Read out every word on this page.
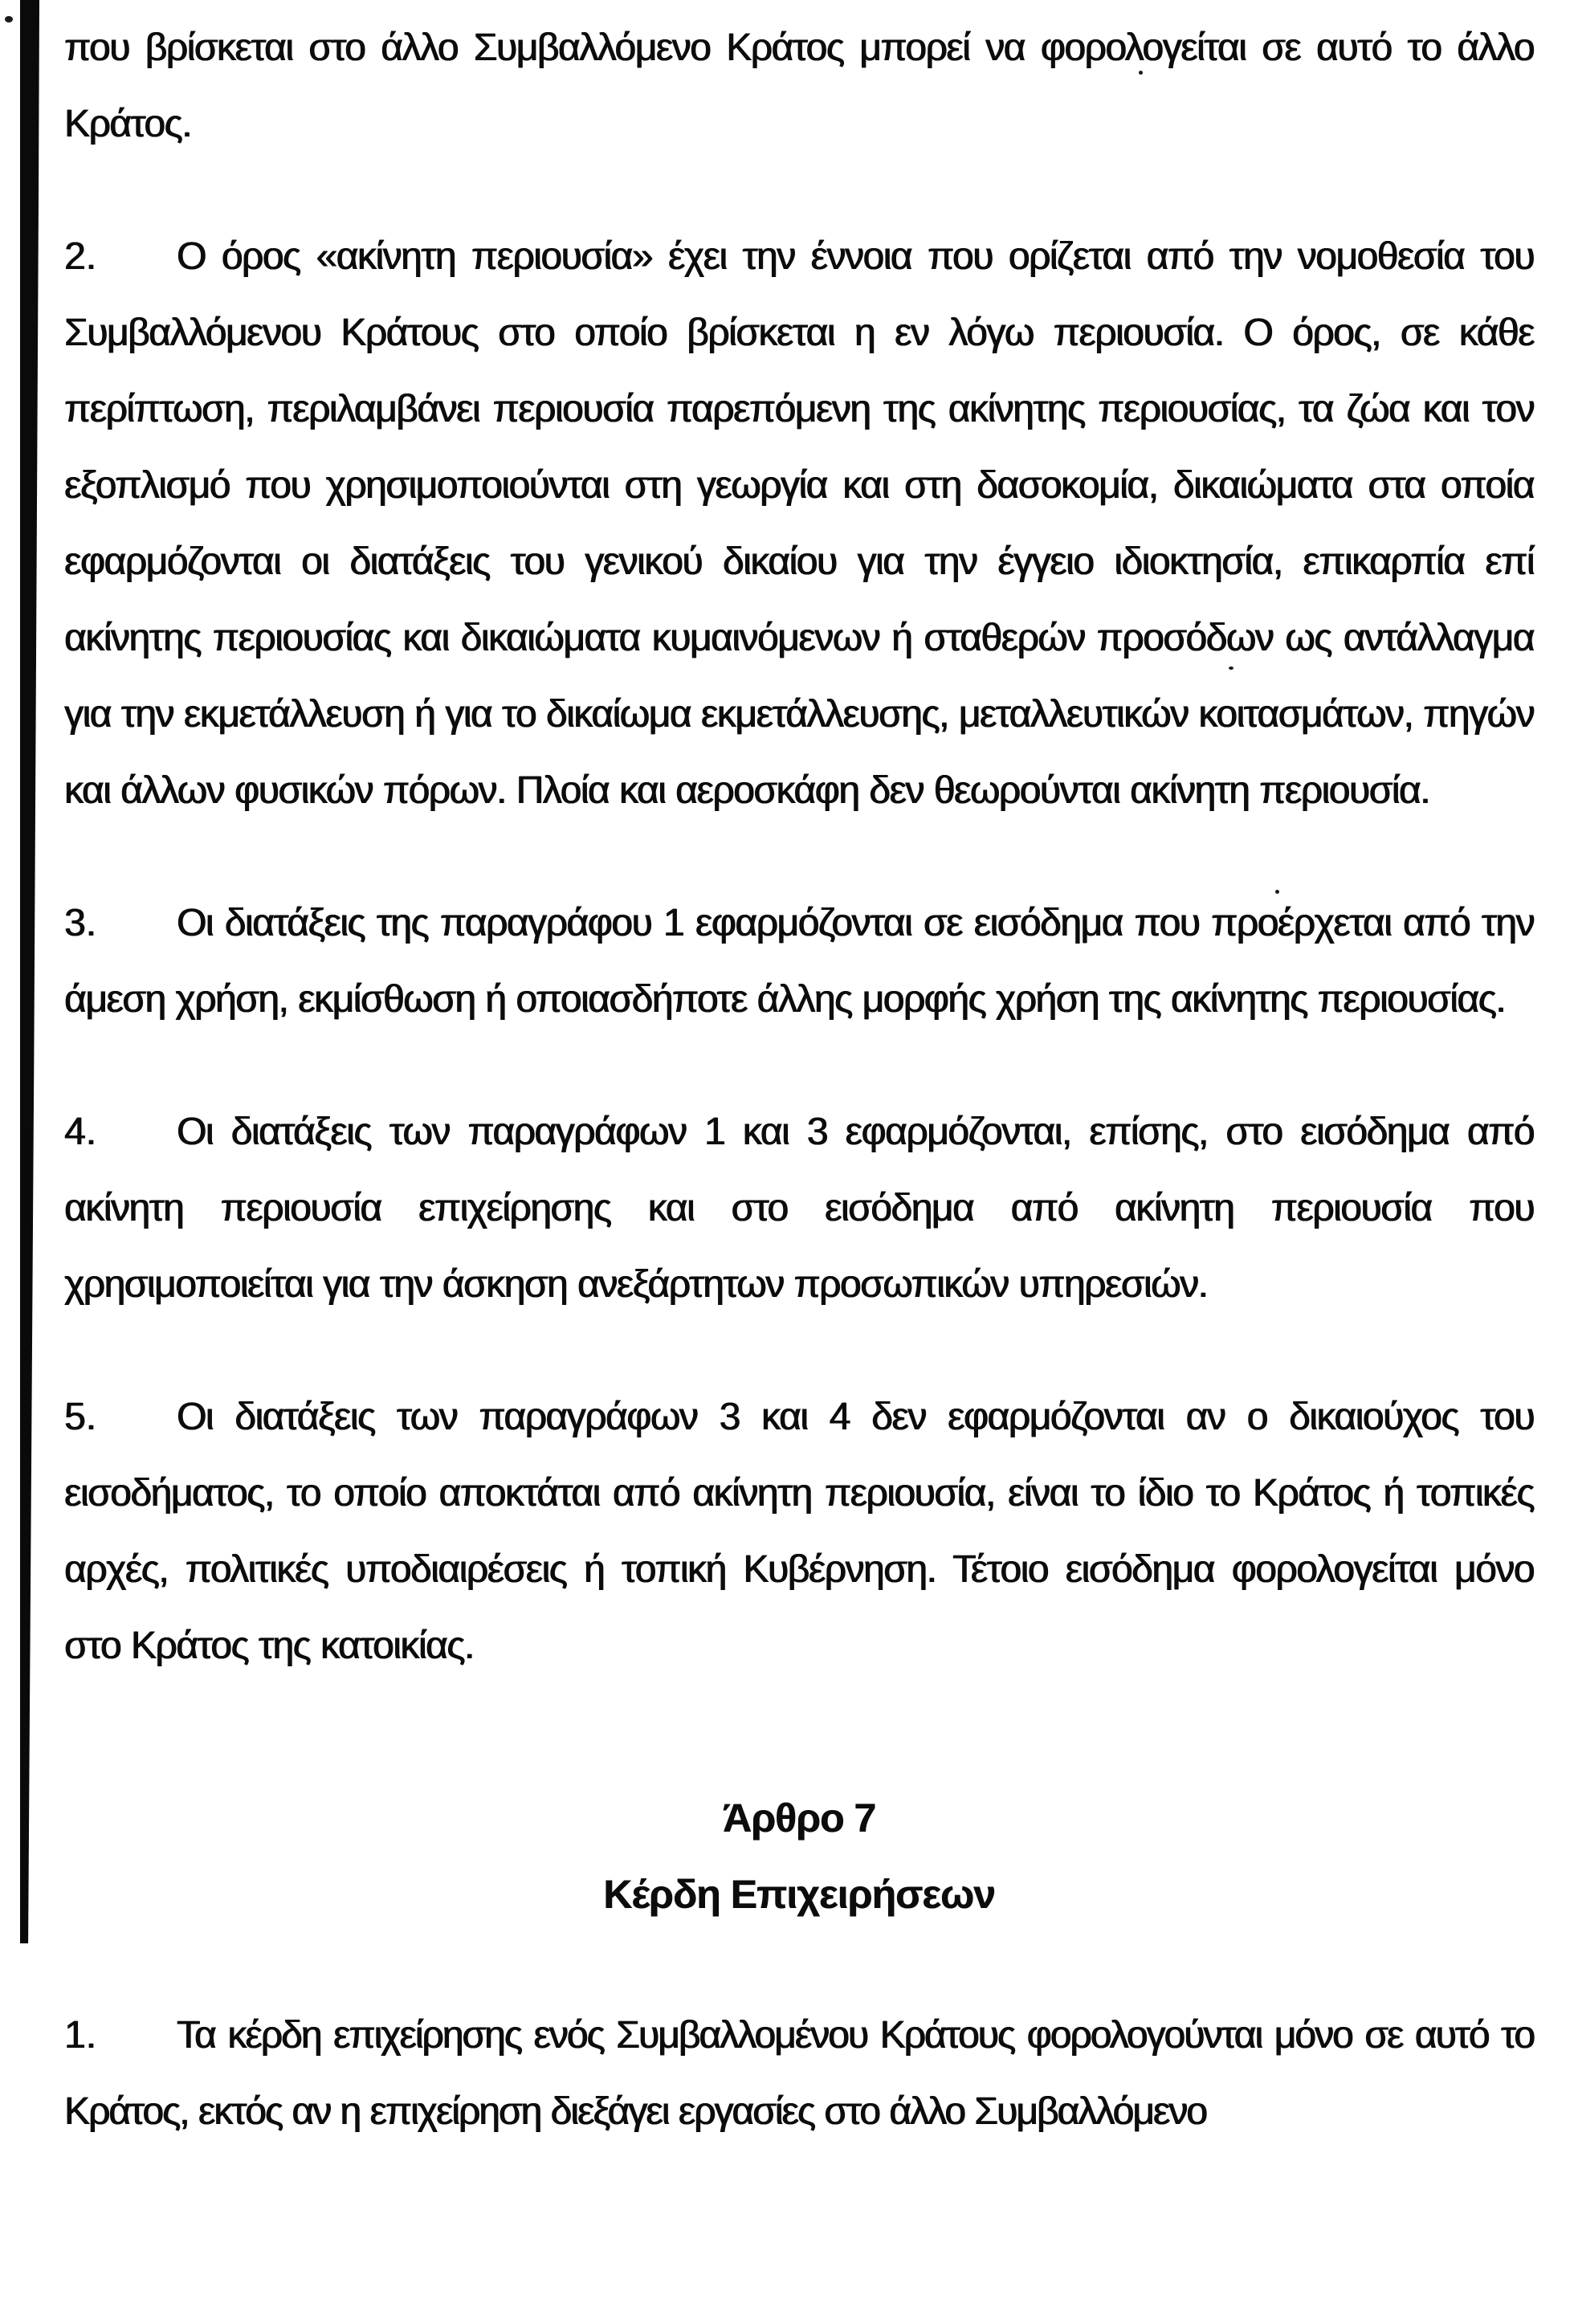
που βρίσκεται στο άλλο Συμβαλλόμενο Κράτος μπορεί να φορολογείται σε αυτό το άλλο Κράτος.

2. Ο όρος «ακίνητη περιουσία» έχει την έννοια που ορίζεται από την νομοθεσία του Συμβαλλόμενου Κράτους στο οποίο βρίσκεται η εν λόγω περιουσία. Ο όρος, σε κάθε περίπτωση, περιλαμβάνει περιουσία παρεπόμενη της ακίνητης περιουσίας, τα ζώα και τον εξοπλισμό που χρησιμοποιούνται στη γεωργία και στη δασοκομία, δικαιώματα στα οποία εφαρμόζονται οι διατάξεις του γενικού δικαίου για την έγγειο ιδιοκτησία, επικαρπία επί ακίνητης περιουσίας και δικαιώματα κυμαινόμενων ή σταθερών προσόδων ως αντάλλαγμα για την εκμετάλλευση ή για το δικαίωμα εκμετάλλευσης, μεταλλευτικών κοιτασμάτων, πηγών και άλλων φυσικών πόρων. Πλοία και αεροσκάφη δεν θεωρούνται ακίνητη περιουσία.

3. Οι διατάξεις της παραγράφου 1 εφαρμόζονται σε εισόδημα που προέρχεται από την άμεση χρήση, εκμίσθωση ή οποιασδήποτε άλλης μορφής χρήση της ακίνητης περιουσίας.

4. Οι διατάξεις των παραγράφων 1 και 3 εφαρμόζονται, επίσης, στο εισόδημα από ακίνητη περιουσία επιχείρησης και στο εισόδημα από ακίνητη περιουσία που χρησιμοποιείται για την άσκηση ανεξάρτητων προσωπικών υπηρεσιών.

5. Οι διατάξεις των παραγράφων 3 και 4 δεν εφαρμόζονται αν ο δικαιούχος του εισοδήματος, το οποίο αποκτάται από ακίνητη περιουσία, είναι το ίδιο το Κράτος ή τοπικές αρχές, πολιτικές υποδιαιρέσεις ή τοπική Κυβέρνηση. Τέτοιο εισόδημα φορολογείται μόνο στο Κράτος της κατοικίας.

Άρθρο 7
Κέρδη Επιχειρήσεων

1. Τα κέρδη επιχείρησης ενός Συμβαλλομένου Κράτους φορολογούνται μόνο σε αυτό το Κράτος, εκτός αν η επιχείρηση διεξάγει εργασίες στο άλλο Συμβαλλόμενο
